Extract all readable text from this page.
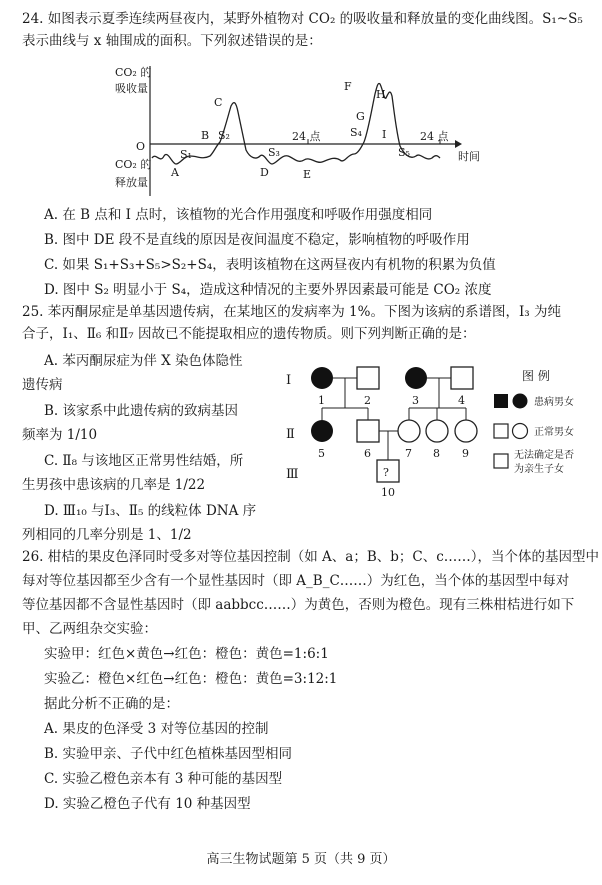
24. 如图表示夏季连续两昼夜内，某野外植物对 CO₂ 的吸收量和释放量的变化曲线图。S₁~S₅
表示曲线与 x 轴围成的面积。下列叙述错误的是：
CO₂ 的
吸收量
O
CO₂ 的
释放量
时间
24 点	24 点
A
B
C
D	E
F
G
H
I
S₁
S₂
S₃
S₄
S₅
A. 在 B 点和 I 点时，该植物的光合作用强度和呼吸作用强度相同
B. 图中 DE 段不是直线的原因是夜间温度不稳定，影响植物的呼吸作用
C. 如果 S₁+S₃+S₅>S₂+S₄，表明该植物在这两昼夜内有机物的积累为负值
D. 图中 S₂ 明显小于 S₄，造成这种情况的主要外界因素最可能是 CO₂ 浓度
25. 苯丙酮尿症是单基因遗传病，在某地区的发病率为 1%。下图为该病的系谱图，Ⅰ₃ 为纯
合子，Ⅰ₁、Ⅱ₆ 和Ⅱ₇ 因故已不能提取相应的遗传物质。则下列判断正确的是：
A. 苯丙酮尿症为伴 X 染色体隐性
遗传病
B. 该家系中此遗传病的致病基因
频率为 1/10
C. Ⅱ₈ 与该地区正常男性结婚，所
生男孩中患该病的几率是 1/22
D. Ⅲ₁₀ 与Ⅰ₃、Ⅱ₅ 的线粒体 DNA 序
列相同的几率分别是 1、1/2
Ⅰ
Ⅱ
Ⅲ
1	2	3	4
5	6	7 8 9
?
10
图 例
患病男女
正常男女
无法确定是否
为亲生子女
26. 柑桔的果皮色泽同时受多对等位基因控制（如 A、a；B、b；C、c……），当个体的基因型中
每对等位基因都至少含有一个显性基因时（即 A_B_C……）为红色，当个体的基因型中每对
等位基因都不含显性基因时（即 aabbcc……）为黄色，否则为橙色。现有三株柑桔进行如下
甲、乙两组杂交实验：
实验甲：红色×黄色→红色：橙色：黄色=1:6:1
实验乙：橙色×红色→红色：橙色：黄色=3:12:1
据此分析不正确的是：
A. 果皮的色泽受 3 对等位基因的控制
B. 实验甲亲、子代中红色植株基因型相同
C. 实验乙橙色亲本有 3 种可能的基因型
D. 实验乙橙色子代有 10 种基因型
高三生物试题第 5 页（共 9 页）
